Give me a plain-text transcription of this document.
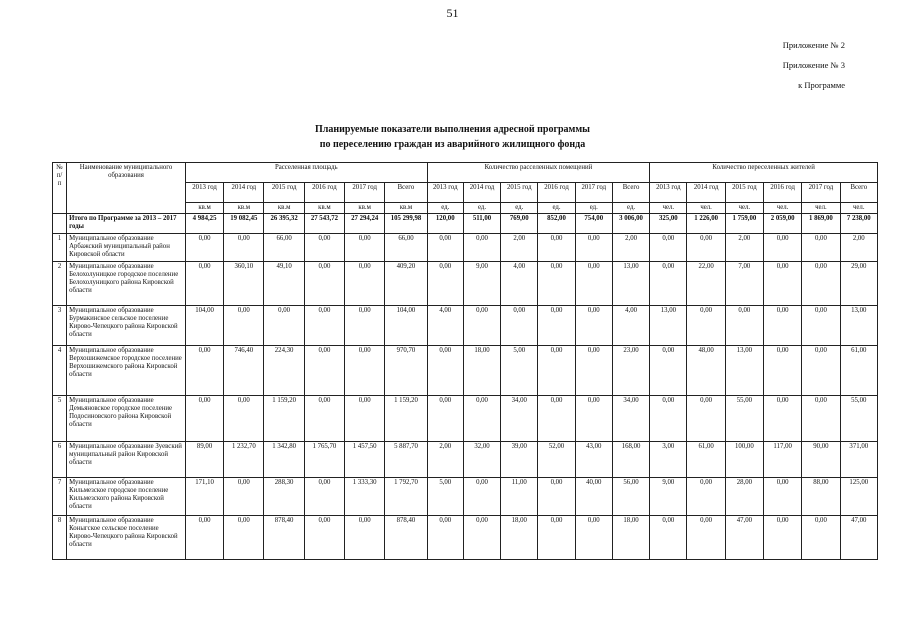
51
Приложение № 2
Приложение № 3
к Программе
Планируемые показатели выполнения адресной программы
по переселению граждан из аварийного жилищного фонда
№ п/п	Наименование муниципального образования	Расселенная площадь						Количество расселенных помещений						Количество переселенных жителей					
		2013 год	2014 год	2015 год	2016 год	2017 год	Всего	2013 год	2014 год	2015 год	2016 год	2017 год	Всего	2013 год	2014 год	2015 год	2016 год	2017 год	Всего
		кв.м	кв.м	кв.м	кв.м	кв.м	кв.м	ед.	ед.	ед.	ед.	ед.	ед.	чел.	чел.	чел.	чел.	чел.	чел.
	Итого по Программе за 2013 – 2017 годы	4 984,25	19 082,45	26 395,32	27 543,72	27 294,24	105 299,98	120,00	511,00	769,00	852,00	754,00	3 006,00	325,00	1 226,00	1 759,00	2 059,00	1 869,00	7 238,00
1	Муниципальное образование Арбажский муниципальный район Кировской области	0,00	0,00	66,00	0,00	0,00	66,00	0,00	0,00	2,00	0,00	0,00	2,00	0,00	0,00	2,00	0,00	0,00	2,00
2	Муниципальное образование Белохолуницкое городское поселение Белохолуницкого района Кировской области	0,00	360,10	49,10	0,00	0,00	409,20	0,00	9,00	4,00	0,00	0,00	13,00	0,00	22,00	7,00	0,00	0,00	29,00
3	Муниципальное образование Бурмакинское сельское поселение Кирово-Чепецкого района Кировской области	104,00	0,00	0,00	0,00	0,00	104,00	4,00	0,00	0,00	0,00	0,00	4,00	13,00	0,00	0,00	0,00	0,00	13,00
4	Муниципальное образование Верхошижемское городское поселение Верхошижемского района Кировской области	0,00	746,40	224,30	0,00	0,00	970,70	0,00	18,00	5,00	0,00	0,00	23,00	0,00	48,00	13,00	0,00	0,00	61,00
5	Муниципальное образование Демьяновское городское поселение Подосиновского района Кировской области	0,00	0,00	1 159,20	0,00	0,00	1 159,20	0,00	0,00	34,00	0,00	0,00	34,00	0,00	0,00	55,00	0,00	0,00	55,00
6	Муниципальное образование Зуевский муниципальный район Кировской области	89,00	1 232,70	1 342,80	1 765,70	1 457,50	5 887,70	2,00	32,00	39,00	52,00	43,00	168,00	3,00	61,00	100,00	117,00	90,00	371,00
7	Муниципальное образование Кильмезское городское поселение Кильмезского района Кировской области	171,10	0,00	288,30	0,00	1 333,30	1 792,70	5,00	0,00	11,00	0,00	40,00	56,00	9,00	0,00	28,00	0,00	88,00	125,00
8	Муниципальное образование Коныгское сельское поселение Кирово-Чепецкого района Кировской области	0,00	0,00	878,40	0,00	0,00	878,40	0,00	0,00	18,00	0,00	0,00	18,00	0,00	0,00	47,00	0,00	0,00	47,00
